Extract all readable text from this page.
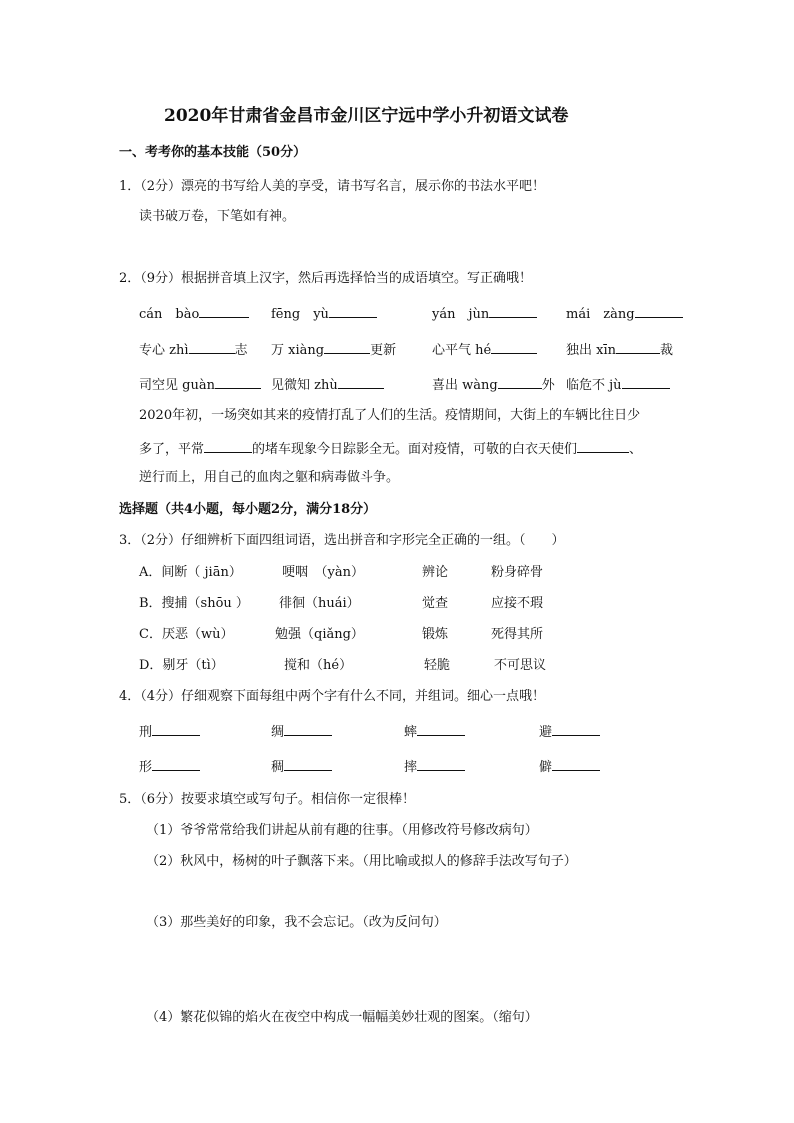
2020年甘肃省金昌市金川区宁远中学小升初语文试卷
一、考考你的基本技能（50分）
1．（2分）漂亮的书写给人美的享受，请书写名言，展示你的书法水平吧！
读书破万卷，下笔如有神。
2．（9分）根据拼音填上汉字，然后再选择恰当的成语填空。写正确哦！
cán　bào	fēng　yù	yán　jùn	mái　zàng
专心 zhì	志 万 xiàng	更新	心平气 hé	独出 xīn	裁
司空见 guàn	见微知 zhù	喜出 wàng	外 临危不 jù
2020年初，一场突如其来的疫情打乱了人们的生活。疫情期间，大街上的车辆比往日少
多了，平常	的堵车现象今日踪影全无。面对疫情，可敬的白衣天使们	、
逆行而上，用自己的血肉之躯和病毒做斗争。
选择题（共4小题，每小题2分，满分18分）
3．（2分）仔细辨析下面四组词语，选出拼音和字形完全正确的一组。（　　）
A．间断（ jiān）	哽咽　（yàn）	辨论	粉身碎骨
B．搜捕（shōu ） 徘徊（huái）	觉查	应接不瑕
C．厌恶（wù）	勉强（qiǎng）	锻炼	死得其所
D．剔牙（tì）	搅和（hé）	轻脆	不可思议
4．（4分）仔细观察下面每组中两个字有什么不同，并组词。细心一点哦！
刑	绸	蟀	避
形	稠	摔	僻
5．（6分）按要求填空或写句子。相信你一定很棒！
（1）爷爷常常给我们讲起从前有趣的往事。（用修改符号修改病句）
（2）秋风中，杨树的叶子飘落下来。（用比喻或拟人的修辞手法改写句子）
（3）那些美好的印象，我不会忘记。（改为反问句）
（4）繁花似锦的焰火在夜空中构成一幅幅美妙壮观的图案。（缩句）
